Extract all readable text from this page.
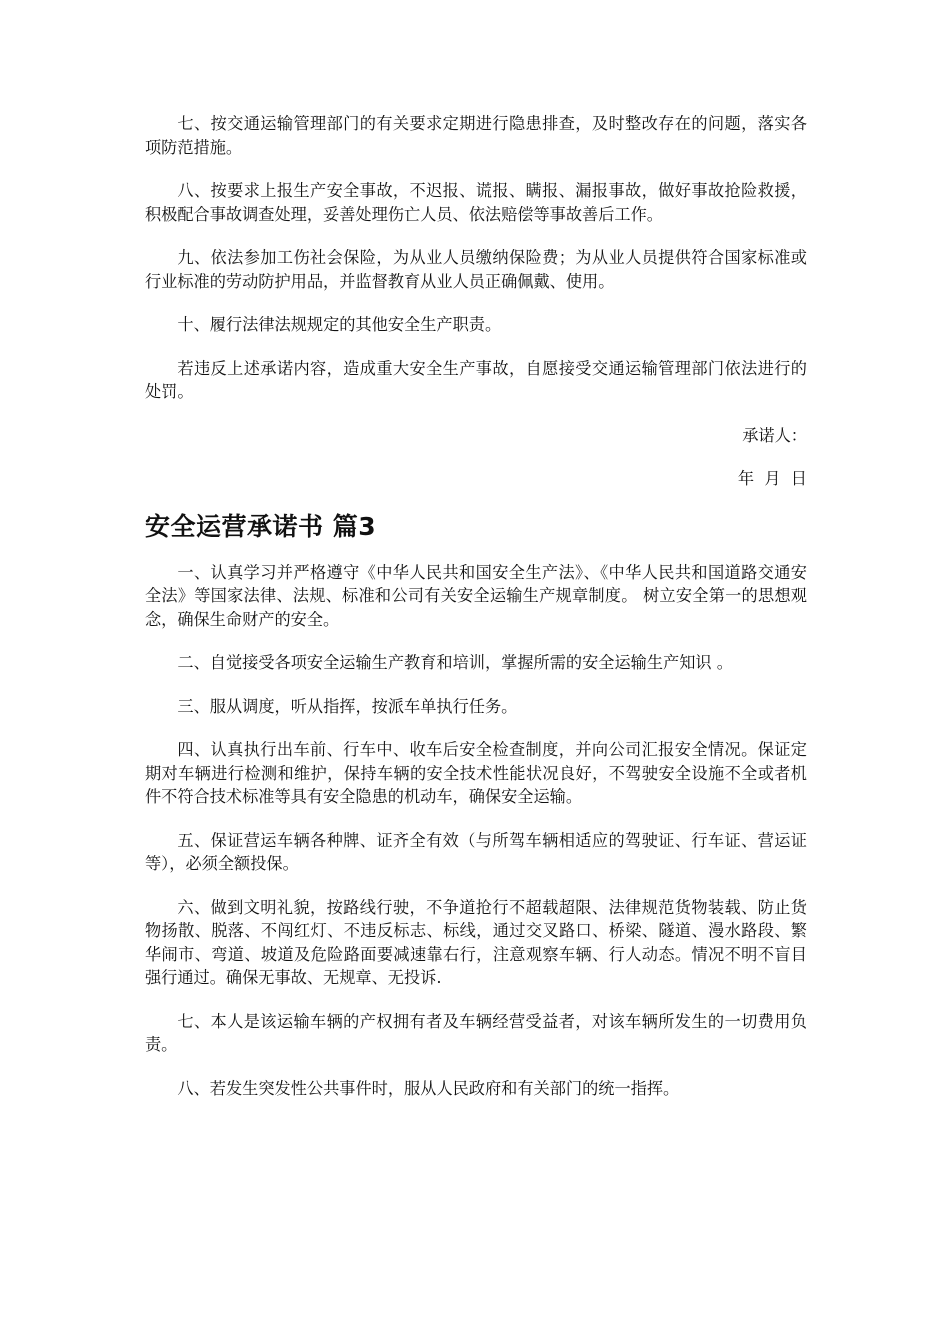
七、按交通运输管理部门的有关要求定期进行隐患排查，及时整改存在的问题，落实各项防范措施。

八、按要求上报生产安全事故，不迟报、谎报、瞒报、漏报事故，做好事故抢险救援，积极配合事故调查处理，妥善处理伤亡人员、依法赔偿等事故善后工作。

九、依法参加工伤社会保险，为从业人员缴纳保险费；为从业人员提供符合国家标准或行业标准的劳动防护用品，并监督教育从业人员正确佩戴、使用。

十、履行法律法规规定的其他安全生产职责。

若违反上述承诺内容，造成重大安全生产事故，自愿接受交通运输管理部门依法进行的处罚。

承诺人：

年  月  日

安全运营承诺书 篇3

一、认真学习并严格遵守《中华人民共和国安全生产法》、《中华人民共和国道路交通安全法》等国家法律、法规、标准和公司有关安全运输生产规章制度。 树立安全第一的思想观念，确保生命财产的安全。

二、自觉接受各项安全运输生产教育和培训，掌握所需的安全运输生产知识 。

三、服从调度，听从指挥，按派车单执行任务。

四、认真执行出车前、行车中、收车后安全检查制度，并向公司汇报安全情况。保证定期对车辆进行检测和维护，保持车辆的安全技术性能状况良好，不驾驶安全设施不全或者机件不符合技术标准等具有安全隐患的机动车，确保安全运输。

五、保证营运车辆各种牌、证齐全有效（与所驾车辆相适应的驾驶证、行车证、营运证等），必须全额投保。

六、做到文明礼貌，按路线行驶，不争道抢行不超载超限、法律规范货物装载、防止货物扬散、脱落、不闯红灯、不违反标志、标线，通过交叉路口、桥梁、隧道、漫水路段、繁华闹市、弯道、坡道及危险路面要减速靠右行，注意观察车辆、行人动态。情况不明不盲目强行通过。确保无事故、无规章、无投诉.

七、本人是该运输车辆的产权拥有者及车辆经营受益者，对该车辆所发生的一切费用负责。

八、若发生突发性公共事件时，服从人民政府和有关部门的统一指挥。
